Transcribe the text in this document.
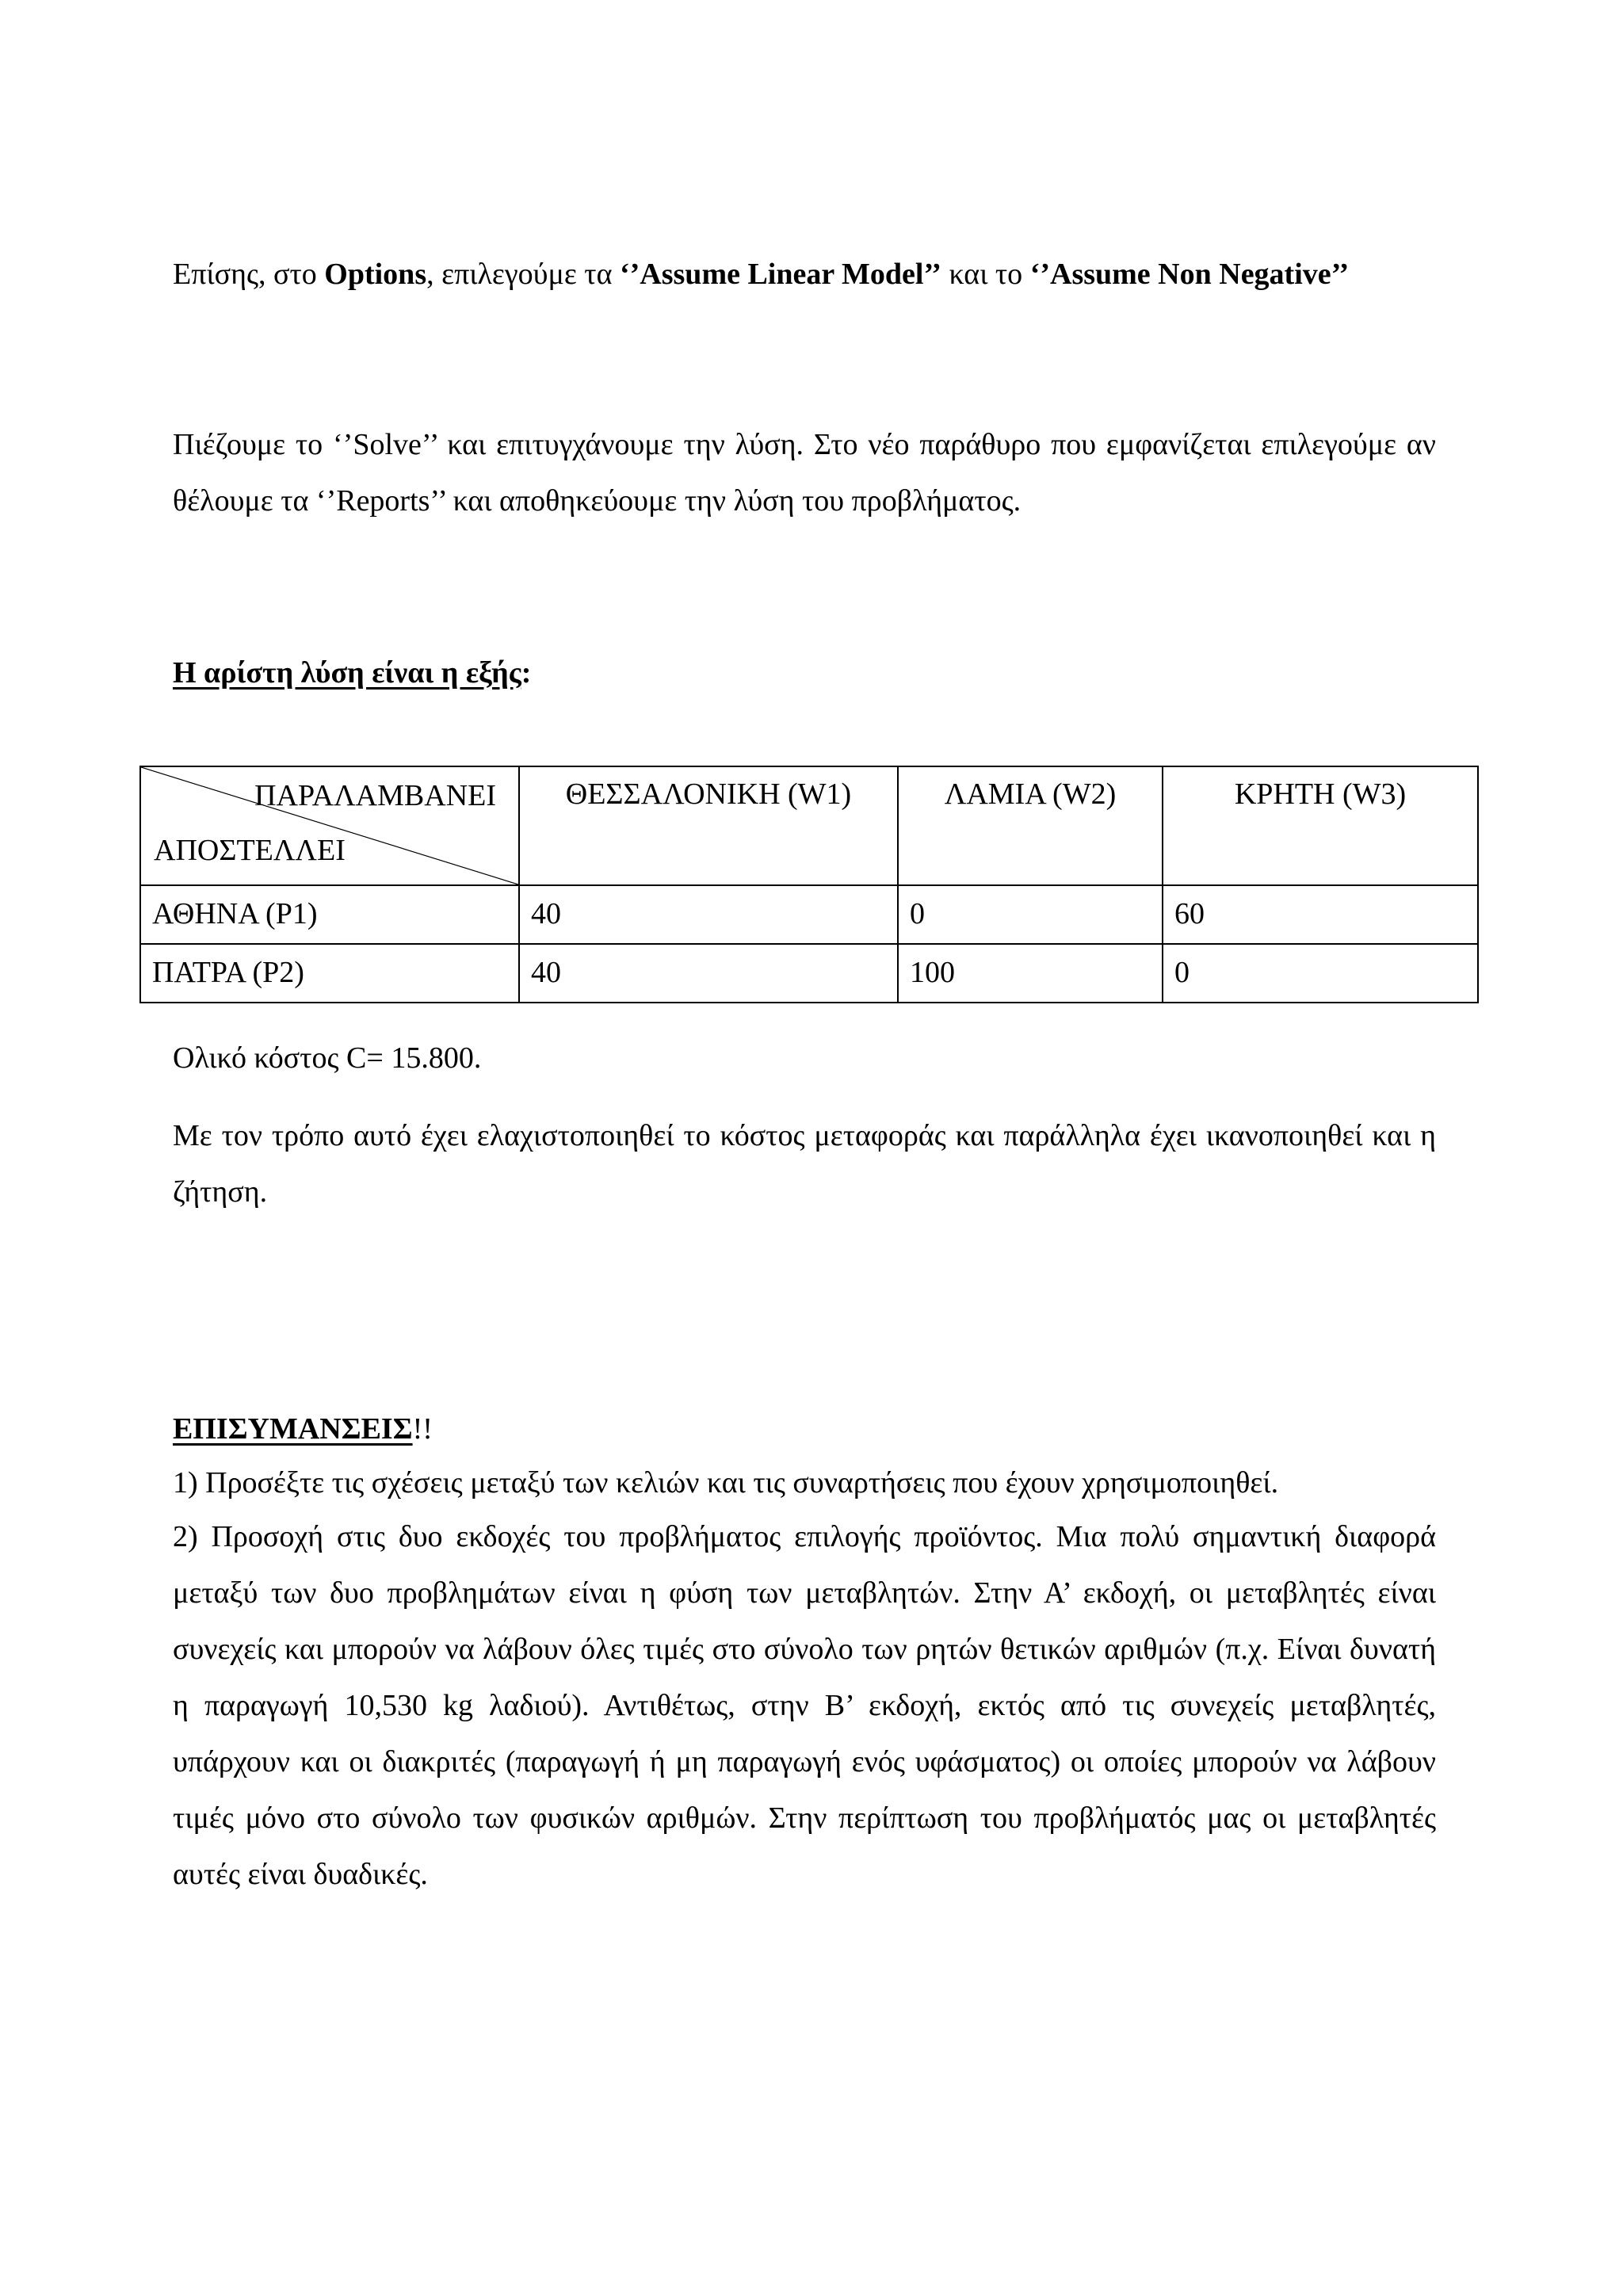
Επίσης, στο Options, επιλεγούμε τα ‘’Assume Linear Model’’ και το ‘’Assume Non Negative’’

Πιέζουμε το ‘’Solve’’ και επιτυγχάνουμε την λύση. Στο νέο παράθυρο που εμφανίζεται επιλεγούμε αν θέλουμε τα ‘’Reports’’ και αποθηκεύουμε την λύση του προβλήματος.

Η αρίστη λύση είναι η εξής:

ΠΑΡΑΛΑΜΒΑΝΕΙ
ΑΠΟΣΤΕΛΛΕΙ	ΘΕΣΣΑΛΟΝΙΚΗ (W1)	ΛΑΜΙΑ (W2)	ΚΡΗΤΗ (W3)
ΑΘΗΝΑ (P1)	40	0	60
ΠΑΤΡΑ (P2)	40	100	0

Ολικό κόστος C= 15.800.

Με τον τρόπο αυτό έχει ελαχιστοποιηθεί το κόστος μεταφοράς και παράλληλα έχει ικανοποιηθεί και η ζήτηση.

ΕΠΙΣΥΜΑΝΣΕΙΣ!!

1) Προσέξτε τις σχέσεις μεταξύ των κελιών και τις συναρτήσεις που έχουν χρησιμοποιηθεί.

2) Προσοχή στις δυο εκδοχές του προβλήματος επιλογής προϊόντος. Μια πολύ σημαντική διαφορά μεταξύ των δυο προβλημάτων είναι η φύση των μεταβλητών. Στην Α’ εκδοχή, οι μεταβλητές είναι συνεχείς και μπορούν να λάβουν όλες τιμές στο σύνολο των ρητών θετικών αριθμών (π.χ. Είναι δυνατή η παραγωγή 10,530 kg λαδιού). Αντιθέτως, στην Β’ εκδοχή, εκτός από τις συνεχείς μεταβλητές, υπάρχουν και οι διακριτές (παραγωγή ή μη παραγωγή ενός υφάσματος) οι οποίες μπορούν να λάβουν τιμές μόνο στο σύνολο των φυσικών αριθμών. Στην περίπτωση του προβλήματός μας οι μεταβλητές αυτές είναι δυαδικές.
